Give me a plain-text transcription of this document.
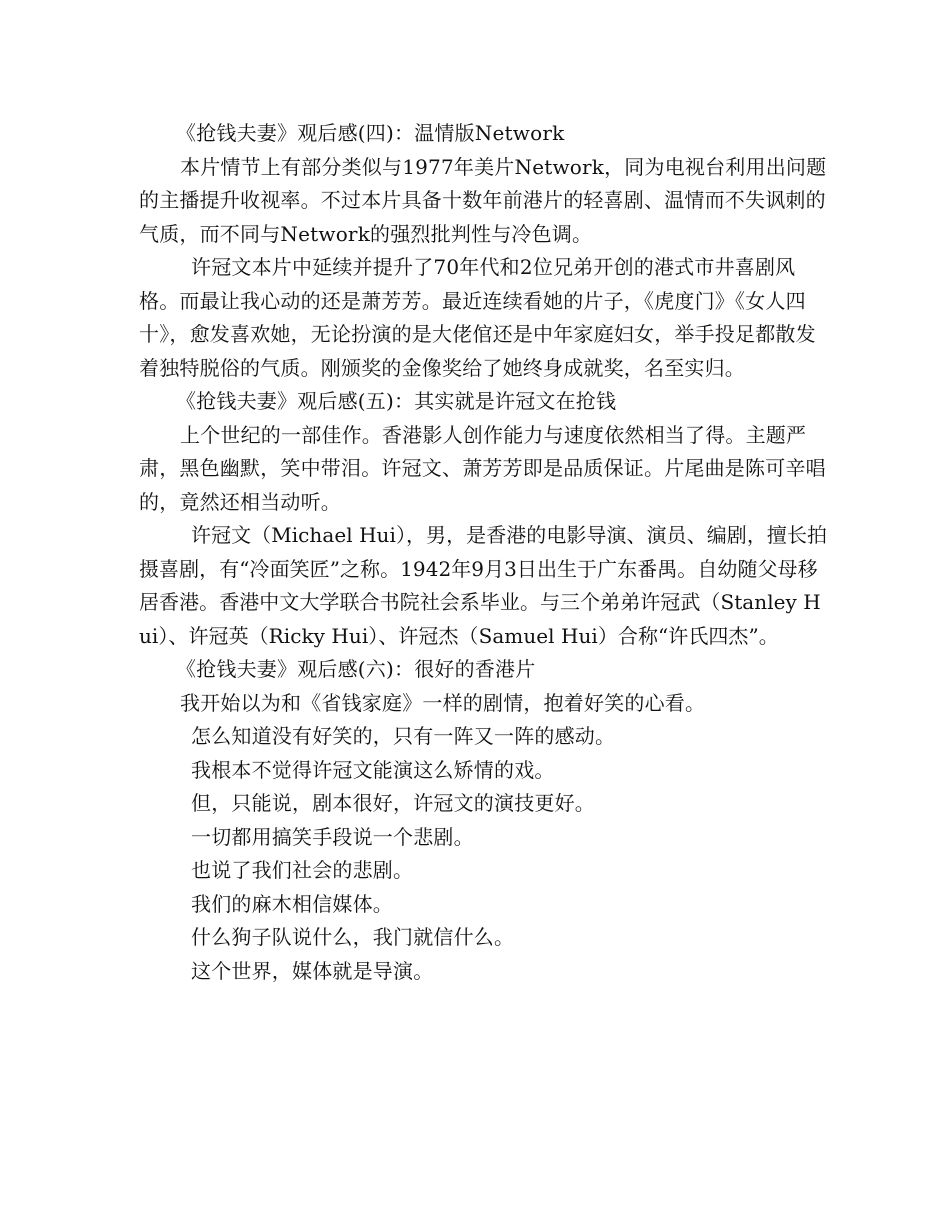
《抢钱夫妻》观后感(四)：温情版Network

本片情节上有部分类似与1977年美片Network，同为电视台利用出问题的主播提升收视率。不过本片具备十数年前港片的轻喜剧、温情而不失讽刺的气质，而不同与Network的强烈批判性与冷色调。

许冠文本片中延续并提升了70年代和2位兄弟开创的港式市井喜剧风格。而最让我心动的还是萧芳芳。最近连续看她的片子，《虎度门》《女人四十》，愈发喜欢她，无论扮演的是大佬倌还是中年家庭妇女，举手投足都散发着独特脱俗的气质。刚颁奖的金像奖给了她终身成就奖，名至实归。

《抢钱夫妻》观后感(五)：其实就是许冠文在抢钱

上个世纪的一部佳作。香港影人创作能力与速度依然相当了得。主题严肃，黑色幽默，笑中带泪。许冠文、萧芳芳即是品质保证。片尾曲是陈可辛唱的，竟然还相当动听。

许冠文（Michael Hui），男，是香港的电影导演、演员、编剧，擅长拍摄喜剧，有“冷面笑匠”之称。1942年9月3日出生于广东番禺。自幼随父母移居香港。香港中文大学联合书院社会系毕业。与三个弟弟许冠武（Stanley Hui）、许冠英（Ricky Hui）、许冠杰（Samuel Hui）合称“许氏四杰”。

《抢钱夫妻》观后感(六)：很好的香港片

我开始以为和《省钱家庭》一样的剧情，抱着好笑的心看。

怎么知道没有好笑的，只有一阵又一阵的感动。

我根本不觉得许冠文能演这么矫情的戏。

但，只能说，剧本很好，许冠文的演技更好。

一切都用搞笑手段说一个悲剧。

也说了我们社会的悲剧。

我们的麻木相信媒体。

什么狗子队说什么，我门就信什么。

这个世界，媒体就是导演。
